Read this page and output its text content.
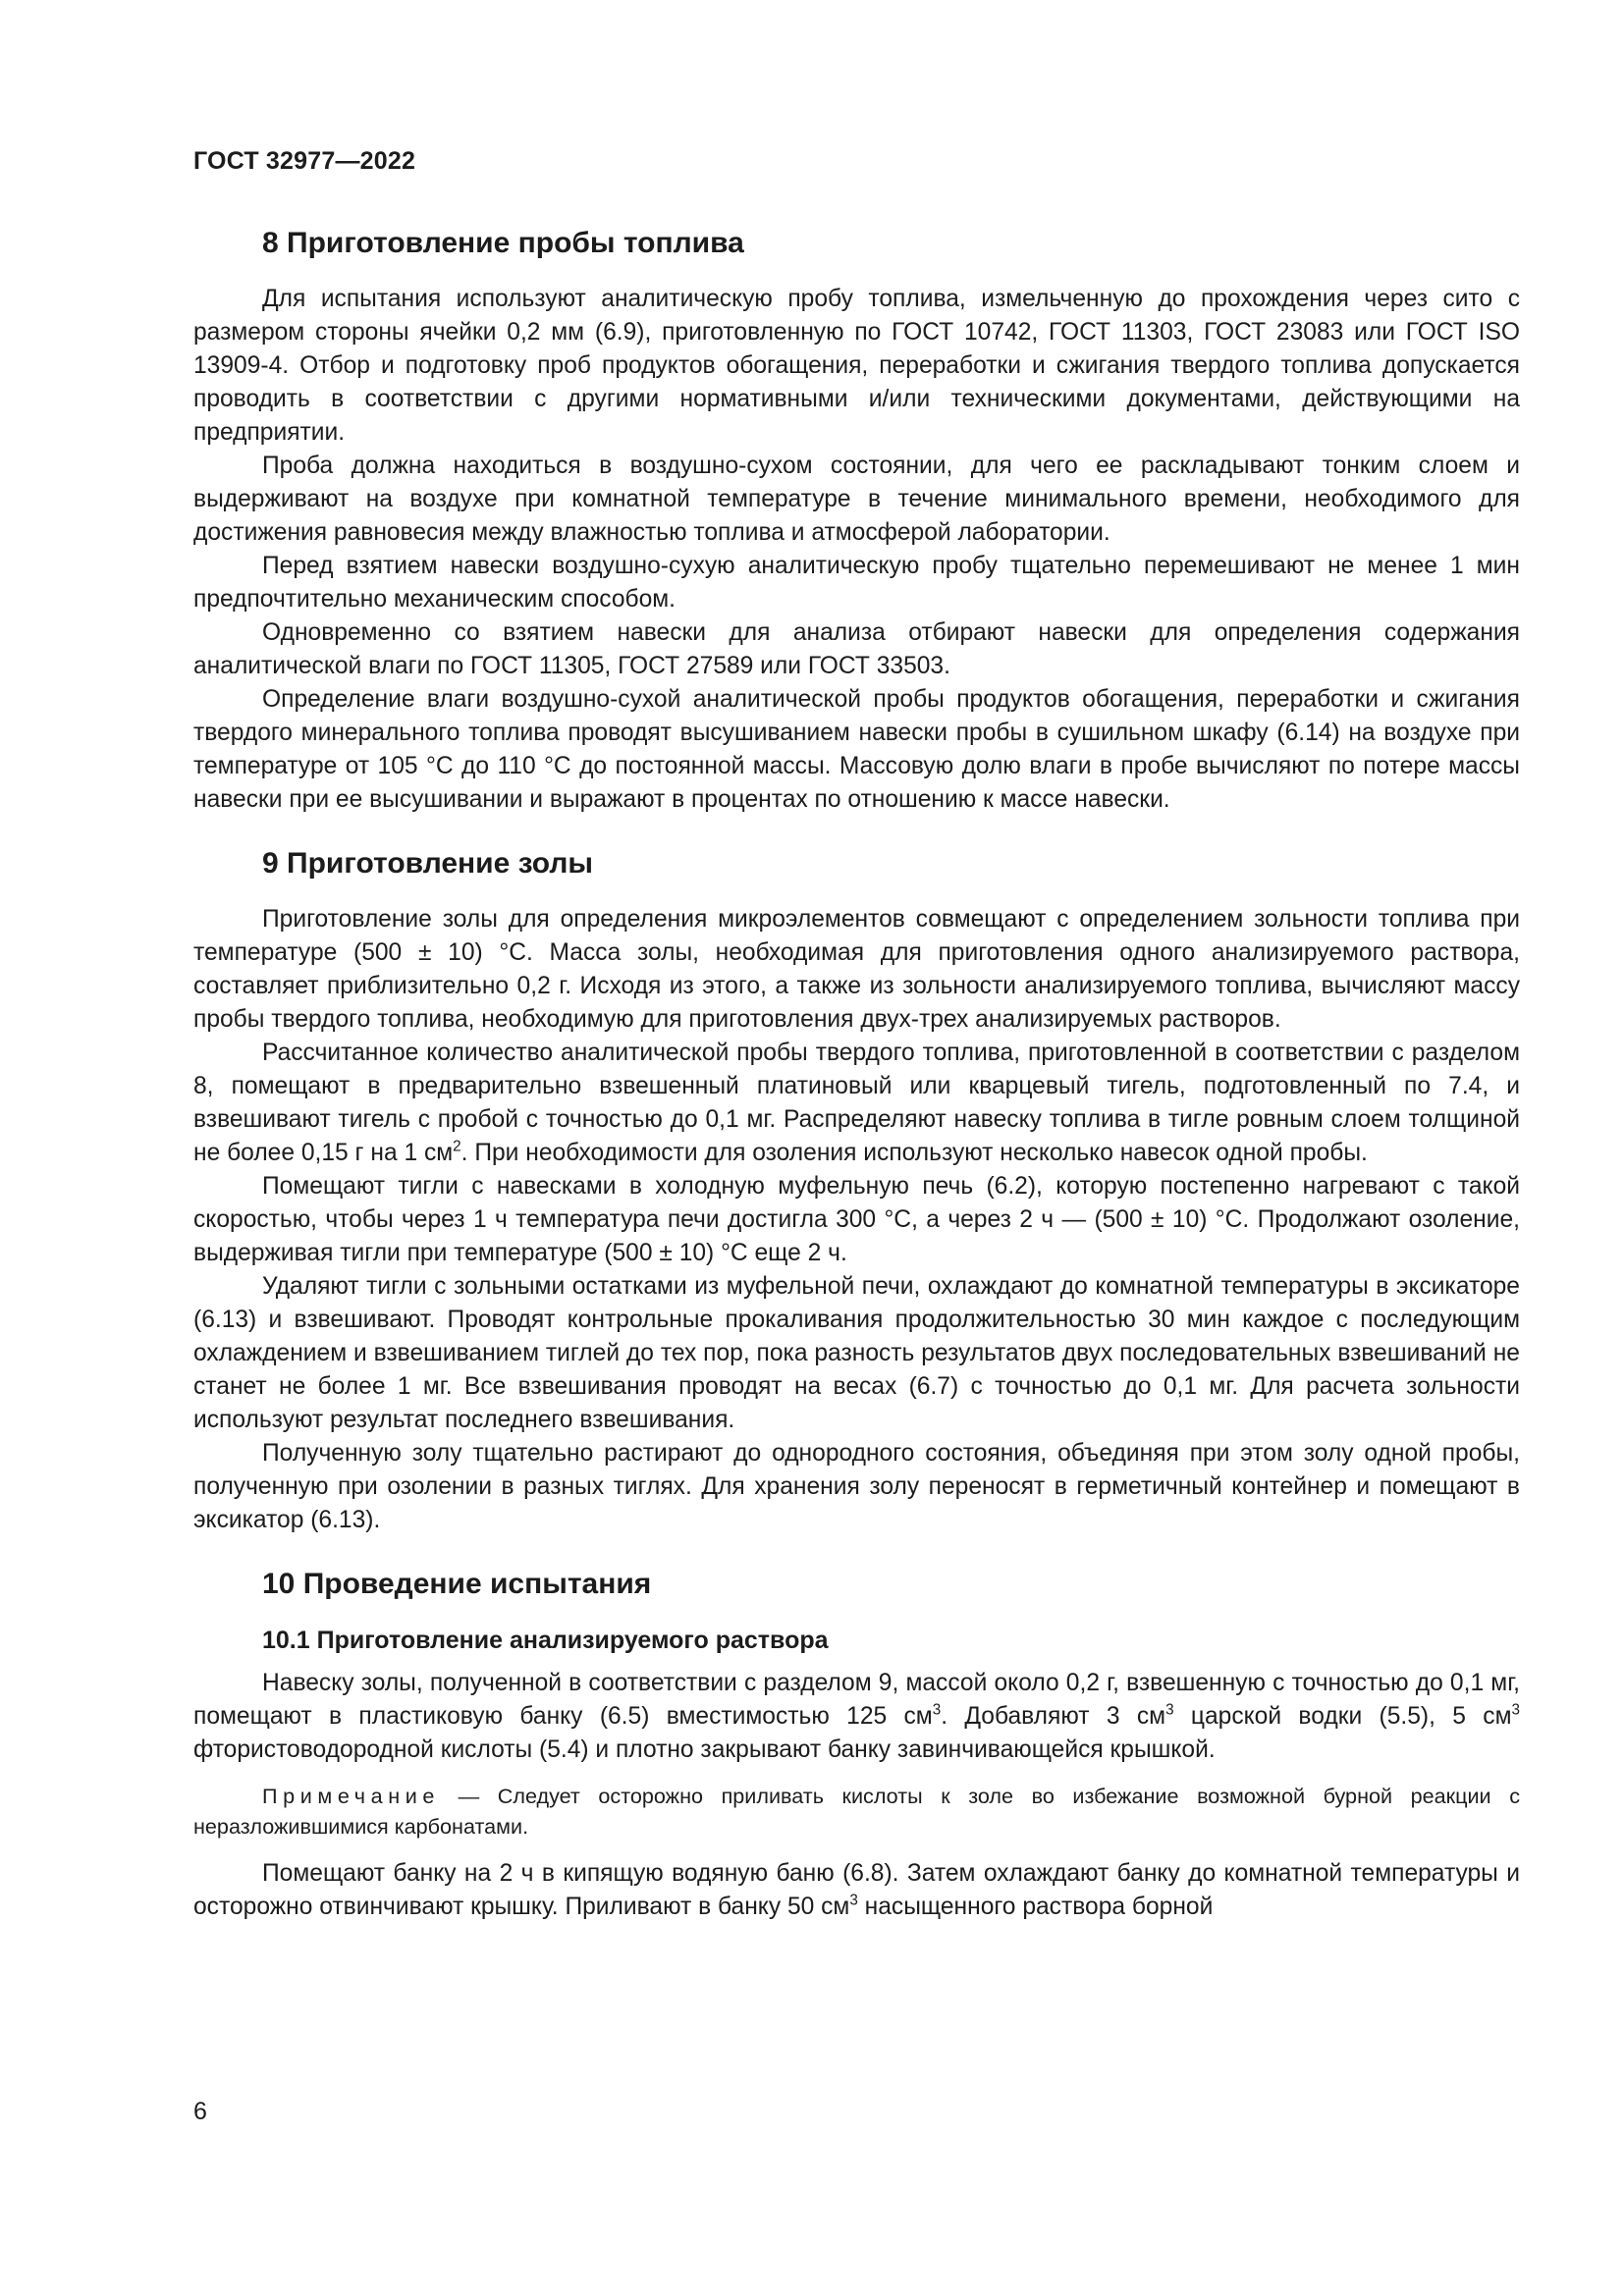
ГОСТ 32977—2022
8 Приготовление пробы топлива

Для испытания используют аналитическую пробу топлива, измельченную до прохождения через сито с размером стороны ячейки 0,2 мм (6.9), приготовленную по ГОСТ 10742, ГОСТ 11303, ГОСТ 23083 или ГОСТ ISO 13909-4. Отбор и подготовку проб продуктов обогащения, переработки и сжигания твердого топлива допускается проводить в соответствии с другими нормативными и/или техническими документами, действующими на предприятии.

Проба должна находиться в воздушно-сухом состоянии, для чего ее раскладывают тонким слоем и выдерживают на воздухе при комнатной температуре в течение минимального времени, необходимого для достижения равновесия между влажностью топлива и атмосферой лаборатории.

Перед взятием навески воздушно-сухую аналитическую пробу тщательно перемешивают не менее 1 мин предпочтительно механическим способом.

Одновременно со взятием навески для анализа отбирают навески для определения содержания аналитической влаги по ГОСТ 11305, ГОСТ 27589 или ГОСТ 33503.

Определение влаги воздушно-сухой аналитической пробы продуктов обогащения, переработки и сжигания твердого минерального топлива проводят высушиванием навески пробы в сушильном шкафу (6.14) на воздухе при температуре от 105 °С до 110 °С до постоянной массы. Массовую долю влаги в пробе вычисляют по потере массы навески при ее высушивании и выражают в процентах по отношению к массе навески.

9 Приготовление золы

Приготовление золы для определения микроэлементов совмещают с определением зольности топлива при температуре (500 ± 10) °С. Масса золы, необходимая для приготовления одного анализируемого раствора, составляет приблизительно 0,2 г. Исходя из этого, а также из зольности анализируемого топлива, вычисляют массу пробы твердого топлива, необходимую для приготовления двух-трех анализируемых растворов.

Рассчитанное количество аналитической пробы твердого топлива, приготовленной в соответствии с разделом 8, помещают в предварительно взвешенный платиновый или кварцевый тигель, подготовленный по 7.4, и взвешивают тигель с пробой с точностью до 0,1 мг. Распределяют навеску топлива в тигле ровным слоем толщиной не более 0,15 г на 1 $см^2$. При необходимости для озоления используют несколько навесок одной пробы.

Помещают тигли с навесками в холодную муфельную печь (6.2), которую постепенно нагревают с такой скоростью, чтобы через 1 ч температура печи достигла 300 °С, а через 2 ч — (500 ± 10) °С. Продолжают озоление, выдерживая тигли при температуре (500 ± 10) °С еще 2 ч.

Удаляют тигли с зольными остатками из муфельной печи, охлаждают до комнатной температуры в эксикаторе (6.13) и взвешивают. Проводят контрольные прокаливания продолжительностью 30 мин каждое с последующим охлаждением и взвешиванием тиглей до тех пор, пока разность результатов двух последовательных взвешиваний не станет не более 1 мг. Все взвешивания проводят на весах (6.7) с точностью до 0,1 мг. Для расчета зольности используют результат последнего взвешивания.

Полученную золу тщательно растирают до однородного состояния, объединяя при этом золу одной пробы, полученную при озолении в разных тиглях. Для хранения золу переносят в герметичный контейнер и помещают в эксикатор (6.13).

10 Проведение испытания
10.1 Приготовление анализируемого раствора

Навеску золы, полученной в соответствии с разделом 9, массой около 0,2 г, взвешенную с точностью до 0,1 мг, помещают в пластиковую банку (6.5) вместимостью 125 $см^3$. Добавляют 3 $см^3$ царской водки (5.5), 5 $см^3$ фтористоводородной кислоты (5.4) и плотно закрывают банку завинчивающейся крышкой.

Примечание — Следует осторожно приливать кислоты к золе во избежание возможной бурной реакции с неразложившимися карбонатами.

Помещают банку на 2 ч в кипящую водяную баню (6.8). Затем охлаждают банку до комнатной температуры и осторожно отвинчивают крышку. Приливают в банку 50 $см^3$ насыщенного раствора борной

6
